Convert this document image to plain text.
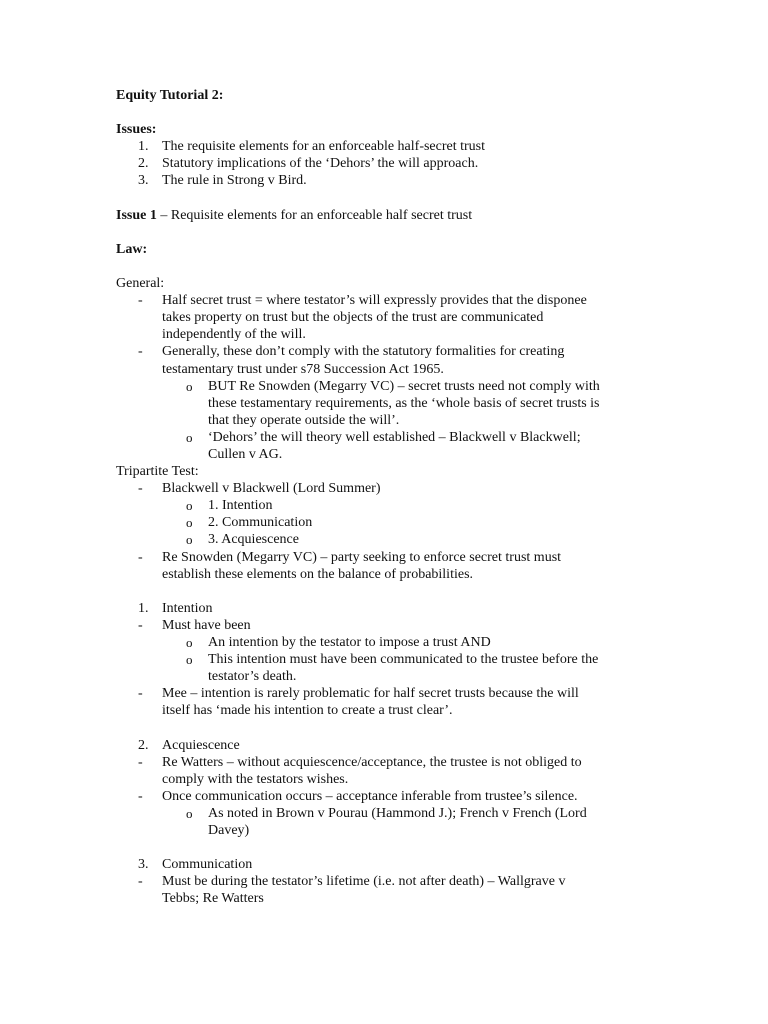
Equity Tutorial 2:
Issues:
1. The requisite elements for an enforceable half-secret trust
2. Statutory implications of the ‘Dehors’ the will approach.
3. The rule in Strong v Bird.
Issue 1 – Requisite elements for an enforceable half secret trust
Law:
General:
- Half secret trust = where testator’s will expressly provides that the disponee
takes property on trust but the objects of the trust are communicated
independently of the will.
- Generally, these don’t comply with the statutory formalities for creating
testamentary trust under s78 Succession Act 1965.
o BUT Re Snowden (Megarry VC) – secret trusts need not comply with
these testamentary requirements, as the ‘whole basis of secret trusts is
that they operate outside the will’.
o ‘Dehors’ the will theory well established – Blackwell v Blackwell;
Cullen v AG.
Tripartite Test:
- Blackwell v Blackwell (Lord Summer)
o 1. Intention
o 2. Communication
o 3. Acquiescence
- Re Snowden (Megarry VC) – party seeking to enforce secret trust must
establish these elements on the balance of probabilities.
1. Intention
- Must have been
o An intention by the testator to impose a trust AND
o This intention must have been communicated to the trustee before the
testator’s death.
- Mee – intention is rarely problematic for half secret trusts because the will
itself has ‘made his intention to create a trust clear’.
2. Acquiescence
- Re Watters – without acquiescence/acceptance, the trustee is not obliged to
comply with the testators wishes.
- Once communication occurs – acceptance inferable from trustee’s silence.
o As noted in Brown v Pourau (Hammond J.); French v French (Lord
Davey)
3. Communication
- Must be during the testator’s lifetime (i.e. not after death) – Wallgrave v
Tebbs; Re Watters
